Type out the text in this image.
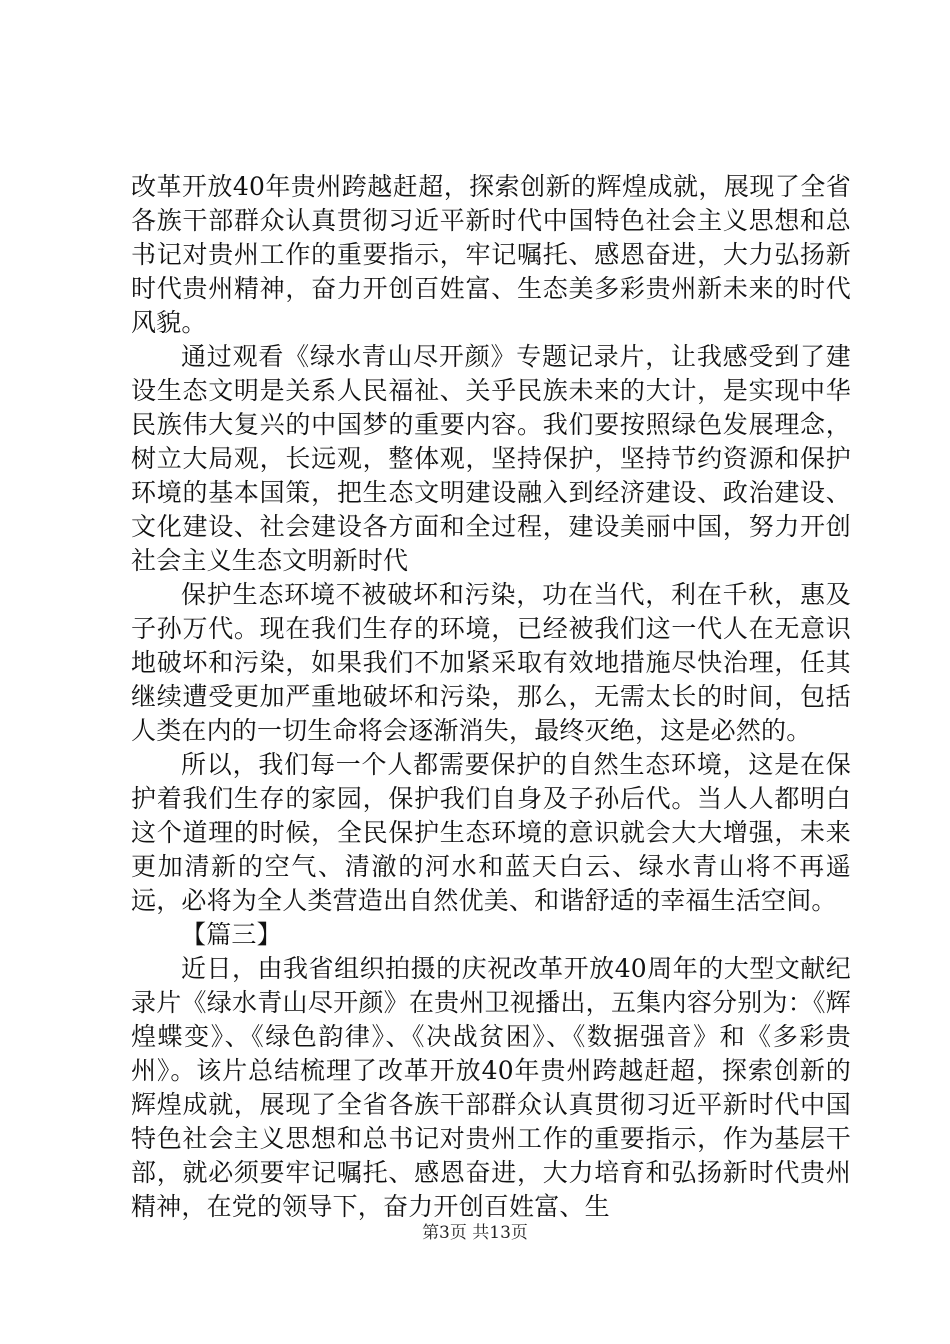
改革开放40年贵州跨越赶超，探索创新的辉煌成就，展现了全省各族干部群众认真贯彻习近平新时代中国特色社会主义思想和总书记对贵州工作的重要指示，牢记嘱托、感恩奋进，大力弘扬新时代贵州精神，奋力开创百姓富、生态美多彩贵州新未来的时代风貌。

通过观看《绿水青山尽开颜》专题记录片，让我感受到了建设生态文明是关系人民福祉、关乎民族未来的大计，是实现中华民族伟大复兴的中国梦的重要内容。我们要按照绿色发展理念，树立大局观，长远观，整体观，坚持保护，坚持节约资源和保护环境的基本国策，把生态文明建设融入到经济建设、政治建设、文化建设、社会建设各方面和全过程，建设美丽中国，努力开创社会主义生态文明新时代

保护生态环境不被破坏和污染，功在当代，利在千秋，惠及子孙万代。现在我们生存的环境，已经被我们这一代人在无意识地破坏和污染，如果我们不加紧采取有效地措施尽快治理，任其继续遭受更加严重地破坏和污染，那么，无需太长的时间，包括人类在内的一切生命将会逐渐消失，最终灭绝，这是必然的。

所以，我们每一个人都需要保护的自然生态环境，这是在保护着我们生存的家园，保护我们自身及子孙后代。当人人都明白这个道理的时候，全民保护生态环境的意识就会大大增强，未来更加清新的空气、清澈的河水和蓝天白云、绿水青山将不再遥远，必将为全人类营造出自然优美、和谐舒适的幸福生活空间。

【篇三】

近日，由我省组织拍摄的庆祝改革开放40周年的大型文献纪录片《绿水青山尽开颜》在贵州卫视播出，五集内容分别为：《辉煌蝶变》、《绿色韵律》、《决战贫困》、《数据强音》和《多彩贵州》。该片总结梳理了改革开放40年贵州跨越赶超，探索创新的辉煌成就，展现了全省各族干部群众认真贯彻习近平新时代中国特色社会主义思想和总书记对贵州工作的重要指示，作为基层干部，就必须要牢记嘱托、感恩奋进，大力培育和弘扬新时代贵州精神，在党的领导下，奋力开创百姓富、生

第3页 共13页
